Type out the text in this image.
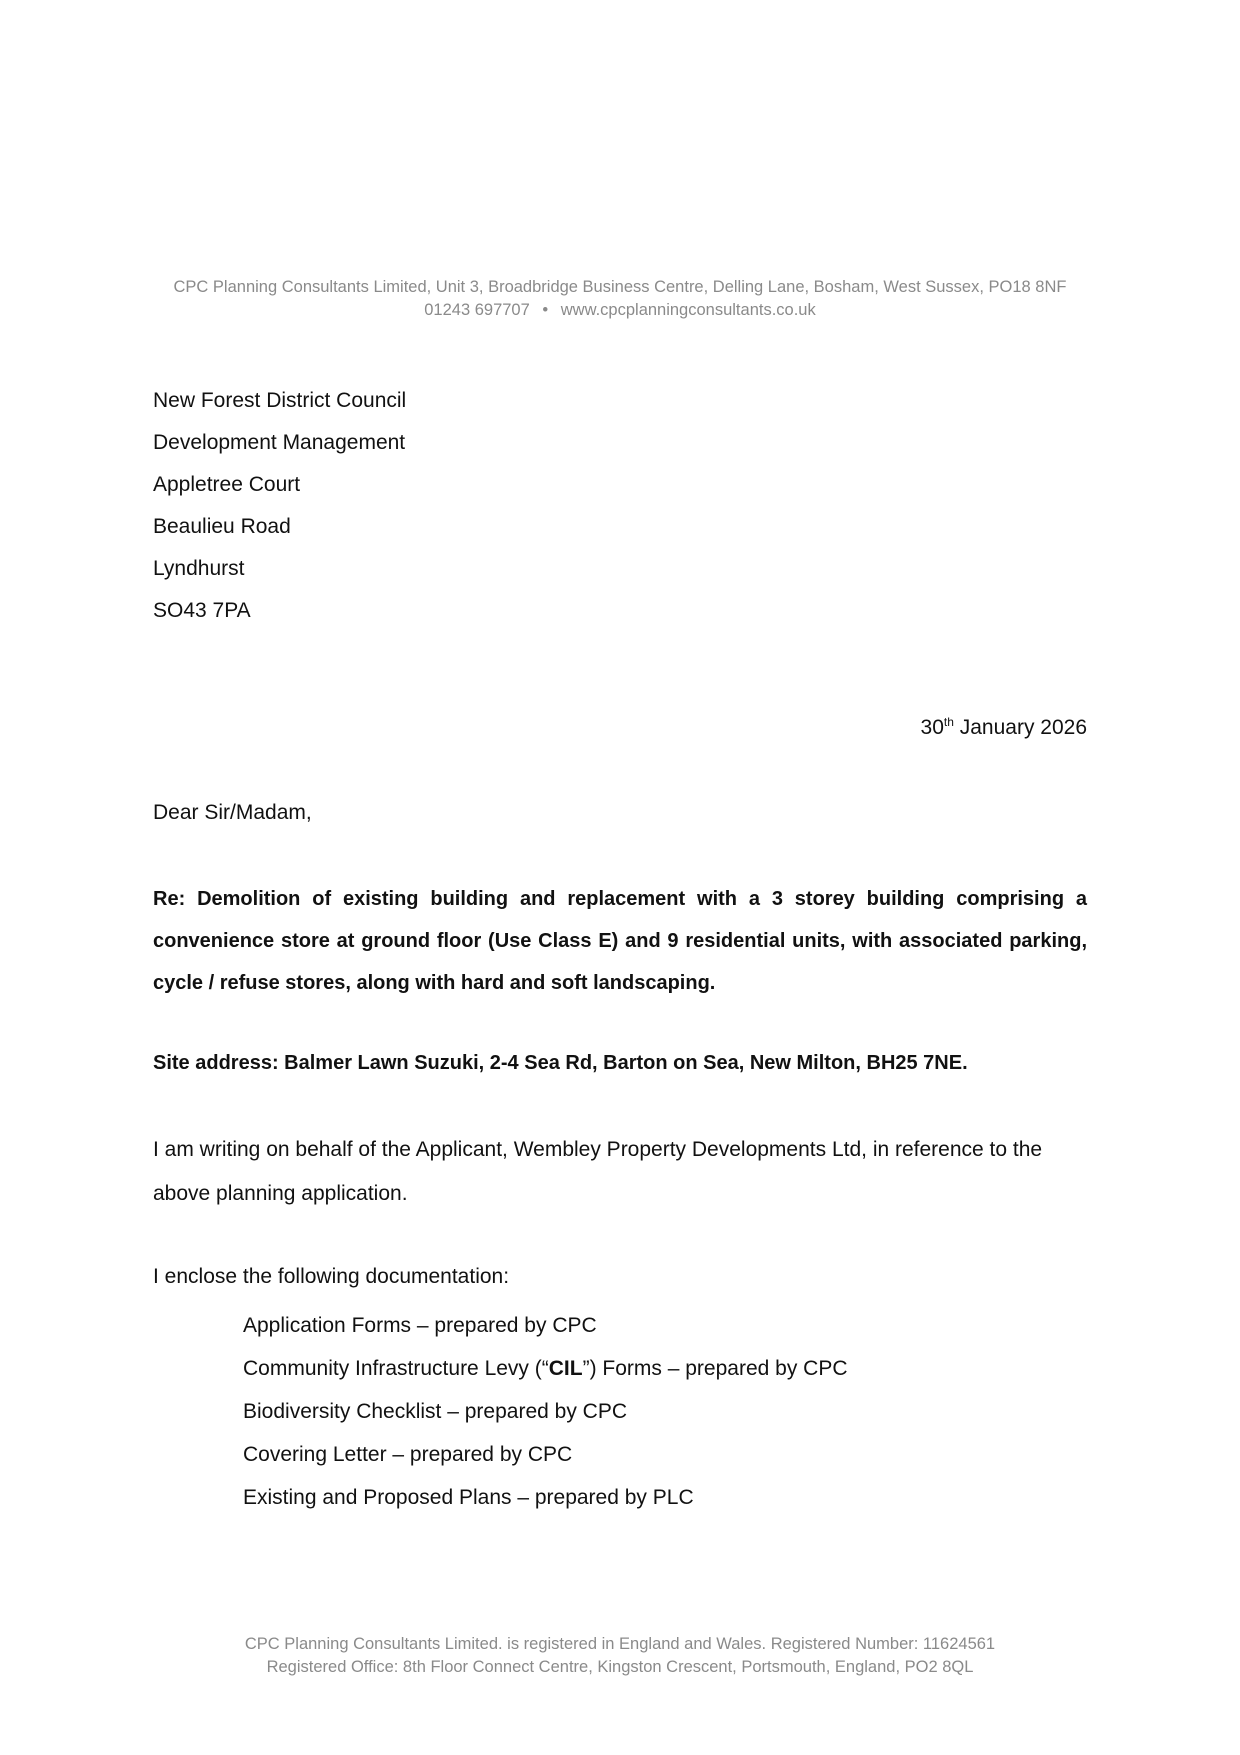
CPC Planning Consultants Limited, Unit 3, Broadbridge Business Centre, Delling Lane, Bosham, West Sussex, PO18 8NF
01243 697707 • www.cpcplanningconsultants.co.uk
New Forest District Council
Development Management
Appletree Court
Beaulieu Road
Lyndhurst
SO43 7PA
30th January 2026
Dear Sir/Madam,
Re: Demolition of existing building and replacement with a 3 storey building comprising a convenience store at ground floor (Use Class E) and 9 residential units, with associated parking, cycle / refuse stores, along with hard and soft landscaping.
Site address: Balmer Lawn Suzuki, 2-4 Sea Rd, Barton on Sea, New Milton, BH25 7NE.
I am writing on behalf of the Applicant, Wembley Property Developments Ltd, in reference to the above planning application.
I enclose the following documentation:
Application Forms – prepared by CPC
Community Infrastructure Levy (“CIL”) Forms – prepared by CPC
Biodiversity Checklist – prepared by CPC
Covering Letter – prepared by CPC
Existing and Proposed Plans – prepared by PLC
CPC Planning Consultants Limited. is registered in England and Wales. Registered Number: 11624561
Registered Office: 8th Floor Connect Centre, Kingston Crescent, Portsmouth, England, PO2 8QL
